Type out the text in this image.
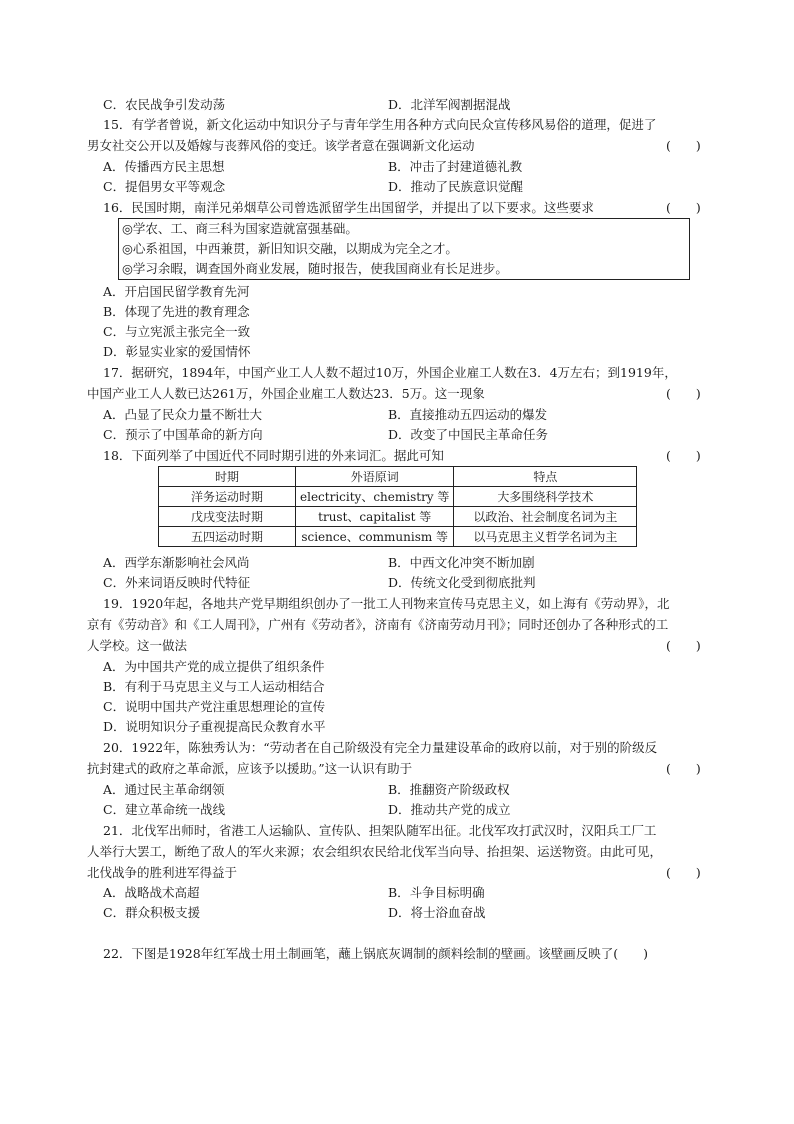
C．农民战争引发动荡	D．北洋军阀割据混战
15．有学者曾说，新文化运动中知识分子与青年学生用各种方式向民众宣传移风易俗的道理，促进了
男女社交公开以及婚嫁与丧葬风俗的变迁。该学者意在强调新文化运动	(　　)
A．传播西方民主思想	B．冲击了封建道德礼教
C．提倡男女平等观念	D．推动了民族意识觉醒
16．民国时期，南洋兄弟烟草公司曾选派留学生出国留学，并提出了以下要求。这些要求	(　　)
◎学农、工、商三科为国家造就富强基础。
◎心系祖国，中西兼贯，新旧知识交融，以期成为完全之才。
◎学习余暇，调查国外商业发展，随时报告，使我国商业有长足进步。
A．开启国民留学教育先河
B．体现了先进的教育理念
C．与立宪派主张完全一致
D．彰显实业家的爱国情怀
17．据研究，1894年，中国产业工人人数不超过10万，外国企业雇工人数在3．4万左右；到1919年，
中国产业工人人数已达261万，外国企业雇工人数达23．5万。这一现象	(　　)
A．凸显了民众力量不断壮大	B．直接推动五四运动的爆发
C．预示了中国革命的新方向	D．改变了中国民主革命任务
18．下面列举了中国近代不同时期引进的外来词汇。据此可知	(　　)
时期	外语原词	特点
洋务运动时期	electricity、chemistry 等	大多围绕科学技术
戊戌变法时期	trust、capitalist 等	以政治、社会制度名词为主
五四运动时期	science、communism 等	以马克思主义哲学名词为主
A．西学东渐影响社会风尚	B．中西文化冲突不断加剧
C．外来词语反映时代特征	D．传统文化受到彻底批判
19．1920年起，各地共产党早期组织创办了一批工人刊物来宣传马克思主义，如上海有《劳动界》，北
京有《劳动音》和《工人周刊》，广州有《劳动者》，济南有《济南劳动月刊》；同时还创办了各种形式的工
人学校。这一做法	(　　)
A．为中国共产党的成立提供了组织条件
B．有利于马克思主义与工人运动相结合
C．说明中国共产党注重思想理论的宣传
D．说明知识分子重视提高民众教育水平
20．1922年，陈独秀认为：“劳动者在自己阶级没有完全力量建设革命的政府以前，对于别的阶级反
抗封建式的政府之革命派，应该予以援助。”这一认识有助于	(　　)
A．通过民主革命纲领	B．推翻资产阶级政权
C．建立革命统一战线	D．推动共产党的成立
21．北伐军出师时，省港工人运输队、宣传队、担架队随军出征。北伐军攻打武汉时，汉阳兵工厂工
人举行大罢工，断绝了敌人的军火来源；农会组织农民给北伐军当向导、抬担架、运送物资。由此可见，
北伐战争的胜利进军得益于	(　　)
A．战略战术高超	B．斗争目标明确
C．群众积极支援	D．将士浴血奋战
22．下图是1928年红军战士用土制画笔，蘸上锅底灰调制的颜料绘制的壁画。该壁画反映了(　　)
